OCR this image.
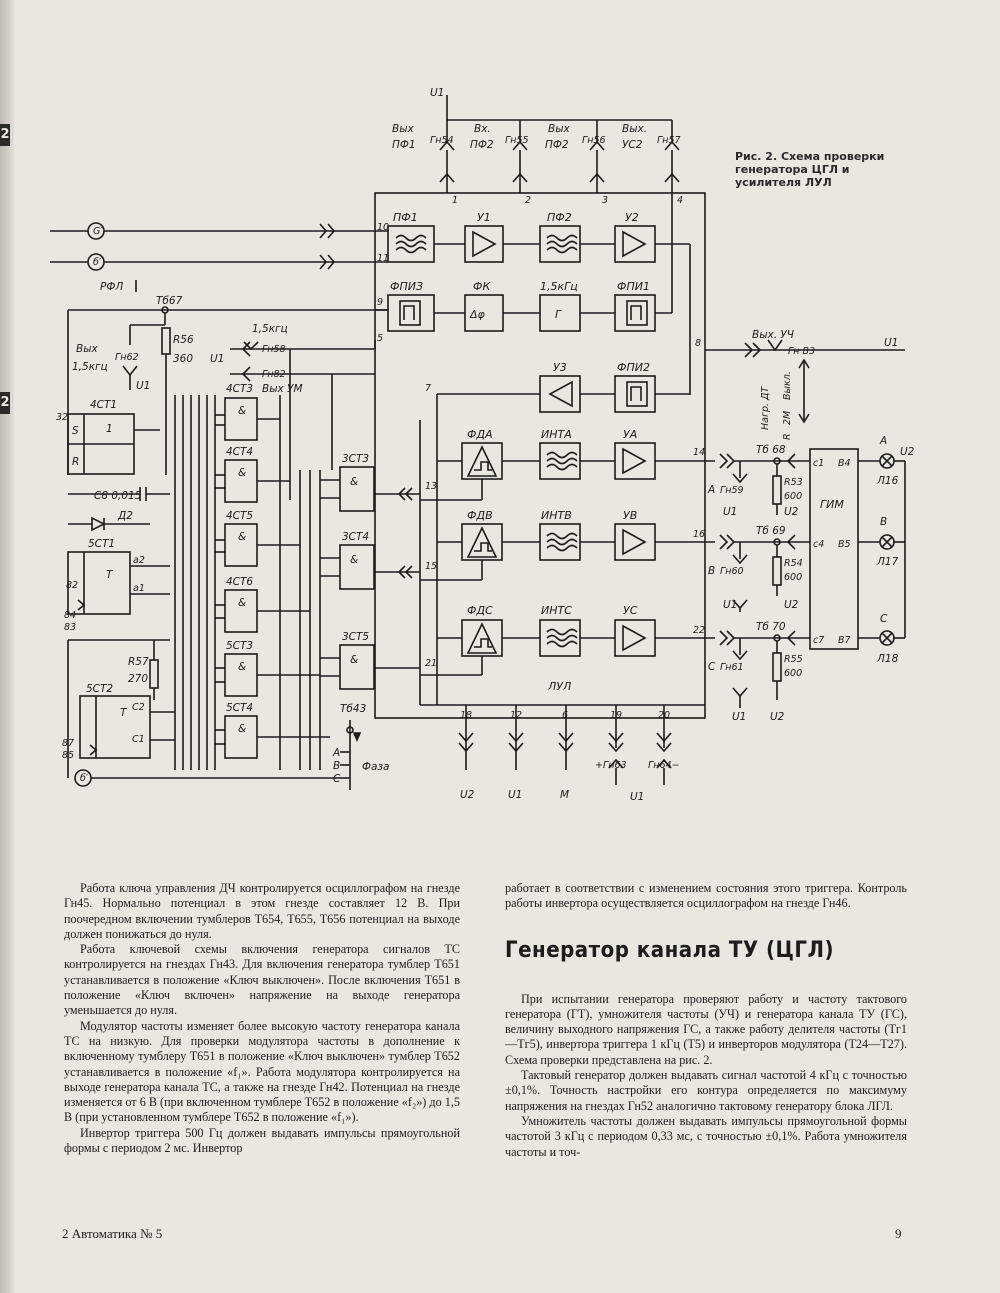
2
2
U1
Вых
ПФ1 Гн54
1
Вх.
ПФ2 Гн55
2
Вых
ПФ2 Гн56
3
Вых.
УС2 Гн57
4
ПФ1	У1	ПФ2	У2
ФПИЗ	ФК	1,5кГц	ФПИ1
Δφ	Г
У3	ФПИ2
ФДА	ИНТА	УА
ФДВ	ИНТВ	УВ
ФДС	ИНТС	УС
ЛУЛ
ГИМ
10
11
9
5
7
8
13
15
21
14
16
22
18
U2
12
U1
6
M
19
+Гн63
20
Гн64−
U1
G′
б′
б′
РФЛ
Тб67
R56
360
Вых
1,5кгц
Гн62
U1
1,5кгц
Гн58
U1
Гн82
Вых УМ
4СТ1
S
R
1
32
С8 0,015
Д2
5СТ1
T
82
а2
а1
84
83
R57
270
5СТ2
T С2
С1
87
85
4СТ3
4СТ4
4СТ5
4СТ6
5СТ3
5СТ4
&
&
&
&
&
&
3СТ3
3СТ4
3СТ5
&
&
&
Тб43
А
В
С
Фаза
Вых. УЧ
Гн В3
U1
Нагр. ДТ
R
2М
Выкл.
Тб 68
А Гн59
R53
600
U1	U2
с1 В4
А
Л16
Тб 69
В Гн60
R54
600
U1	U2
с4 В5
В
Л17
Тб 70
С Гн61
R55
600
U1 U2
с7 В7
С
Л18
U2
Рис. 2. Схема проверки
генератора ЦГЛ и
усилителя ЛУЛ

Работа ключа управления ДЧ контролируется осциллографом на гнезде Гн45. Нормально потенциал в этом гнезде составляет 12 В. При поочередном включении тумблеров Т654, Т655, Т656 потенциал на выходе должен понижаться до нуля.

Работа ключевой схемы включения генератора сигналов ТС контролируется на гнездах Гн43. Для включения генератора тумблер Т651 устанавливается в положение «Ключ выключен». После включения Т651 в положение «Ключ включен» напряжение на выходе генератора уменьшается до нуля.

Модулятор частоты изменяет более высокую частоту генератора канала ТС на низкую. Для проверки модулятора частоты в дополнение к включенному тумблеру Т651 в положение «Ключ выключен» тумблер Т652 устанавливается в положение «f₁». Работа модулятора контролируется на выходе генератора канала ТС, а также на гнезде Гн42. Потенциал на гнезде изменяется от 6 В (при включенном тумблере Т652 в положение «f₂») до 1,5 В (при установленном тумблере Т652 в положение «f₁»).

Инвертор триггера 500 Гц должен выдавать импульсы прямоугольной формы с периодом 2 мс. Инвертор

работает в соответствии с изменением состояния этого триггера. Контроль работы инвертора осуществляется осциллографом на гнезде Гн46.

Генератор канала ТУ (ЦГЛ)

При испытании генератора проверяют работу и частоту тактового генератора (ГТ), умножителя частоты (УЧ) и генератора канала ТУ (ГС), величину выходного напряжения ГС, а также работу делителя частоты (Тг1—Тг5), инвертора триггера 1 кГц (Т5) и инверторов модулятора (Т24—Т27). Схема проверки представлена на рис. 2.

Тактовый генератор должен выдавать сигнал частотой 4 кГц с точностью ±0,1%. Точность настройки его контура определяется по максимуму напряжения на гнездах Гн52 аналогично тактовому генератору блока ЛГЛ.

Умножитель частоты должен выдавать импульсы прямоугольной формы частотой 3 кГц с периодом 0,33 мс, с точностью ±0,1%. Работа умножителя частоты и точ-

2 Автоматика № 5	9
